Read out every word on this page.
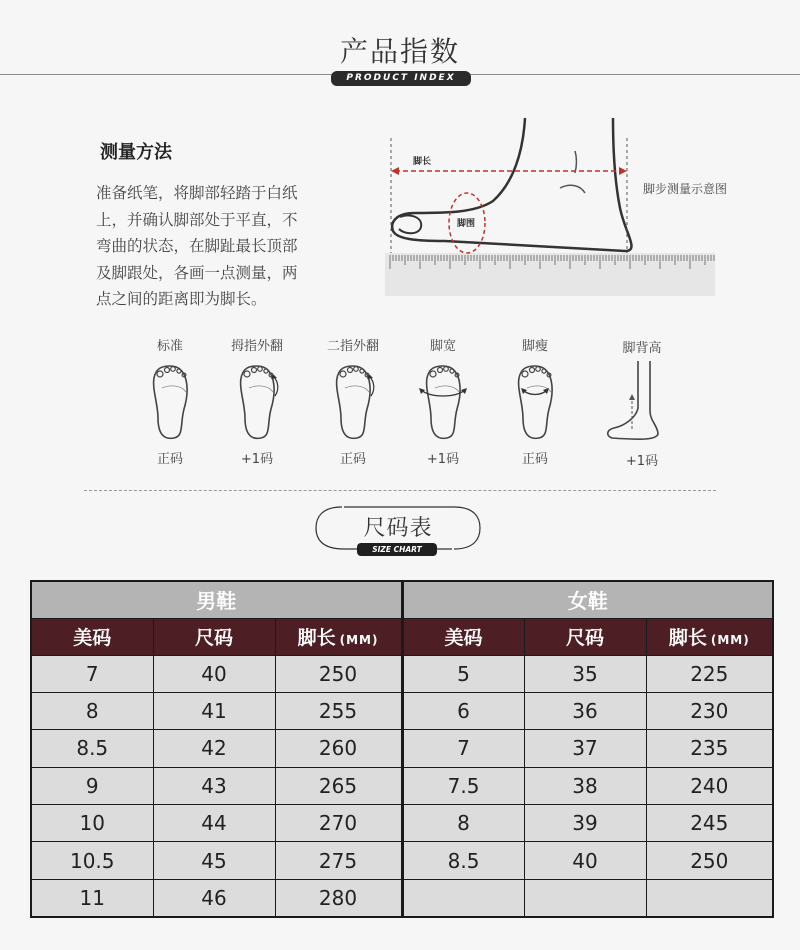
产品指数
PRODUCT INDEX
测量方法
准备纸笔，将脚部轻踏于白纸
上，并确认脚部处于平直，不
弯曲的状态，在脚趾最长顶部
及脚跟处，各画一点测量，两
点之间的距离即为脚长。
脚长
脚围
脚步测量示意图
标准
正码
拇指外翻
+1码
二指外翻
正码
脚宽
+1码
脚瘦
正码
脚背高
+1码
尺码表
SIZE CHART
男鞋			女鞋		
美码	尺码	脚长 (MM)	美码	尺码	脚长 (MM)
7	40	250	5	35	225
8	41	255	6	36	230
8.5	42	260	7	37	235
9	43	265	7.5	38	240
10	44	270	8	39	245
10.5	45	275	8.5	40	250
11	46	280			
